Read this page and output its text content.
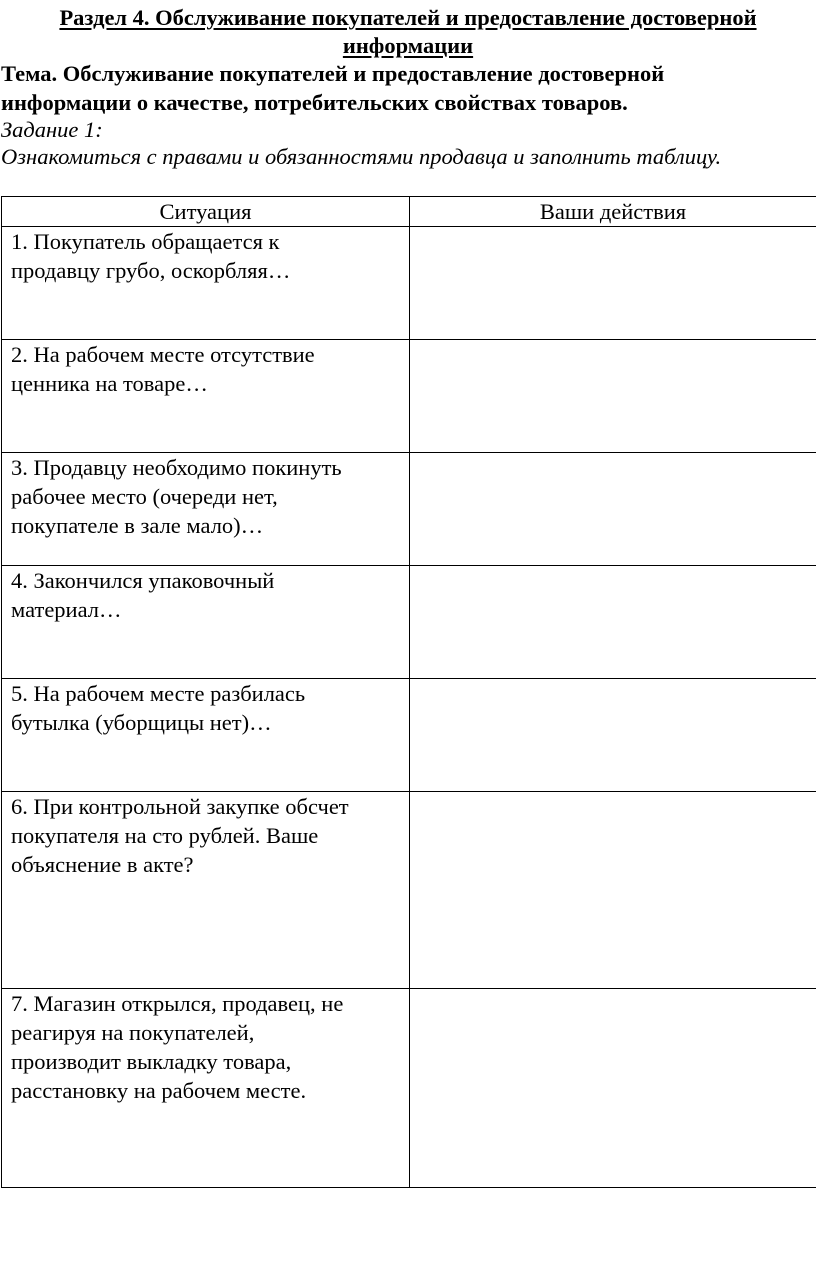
Раздел 4. Обслуживание покупателей и предоставление достоверной
информации
Тема. Обслуживание покупателей и предоставление достоверной
информации о качестве, потребительских свойствах товаров.
Задание 1:
Ознакомиться с правами и обязанностями продавца и заполнить таблицу.
Ситуация	Ваши действия

1. Покупатель обращается к
продавцу грубо, оскорбляя…	

2. На рабочем месте отсутствие
ценника на товаре…	

3. Продавцу необходимо покинуть
рабочее место (очереди нет,
покупателе в зале мало)…	

4. Закончился упаковочный
материал…	

5. На рабочем месте разбилась
бутылка (уборщицы нет)…	

6. При контрольной закупке обсчет
покупателя на сто рублей. Ваше
объяснение в акте?	

7. Магазин открылся, продавец, не
реагируя на покупателей,
производит выкладку товара,
расстановку на рабочем месте.	
